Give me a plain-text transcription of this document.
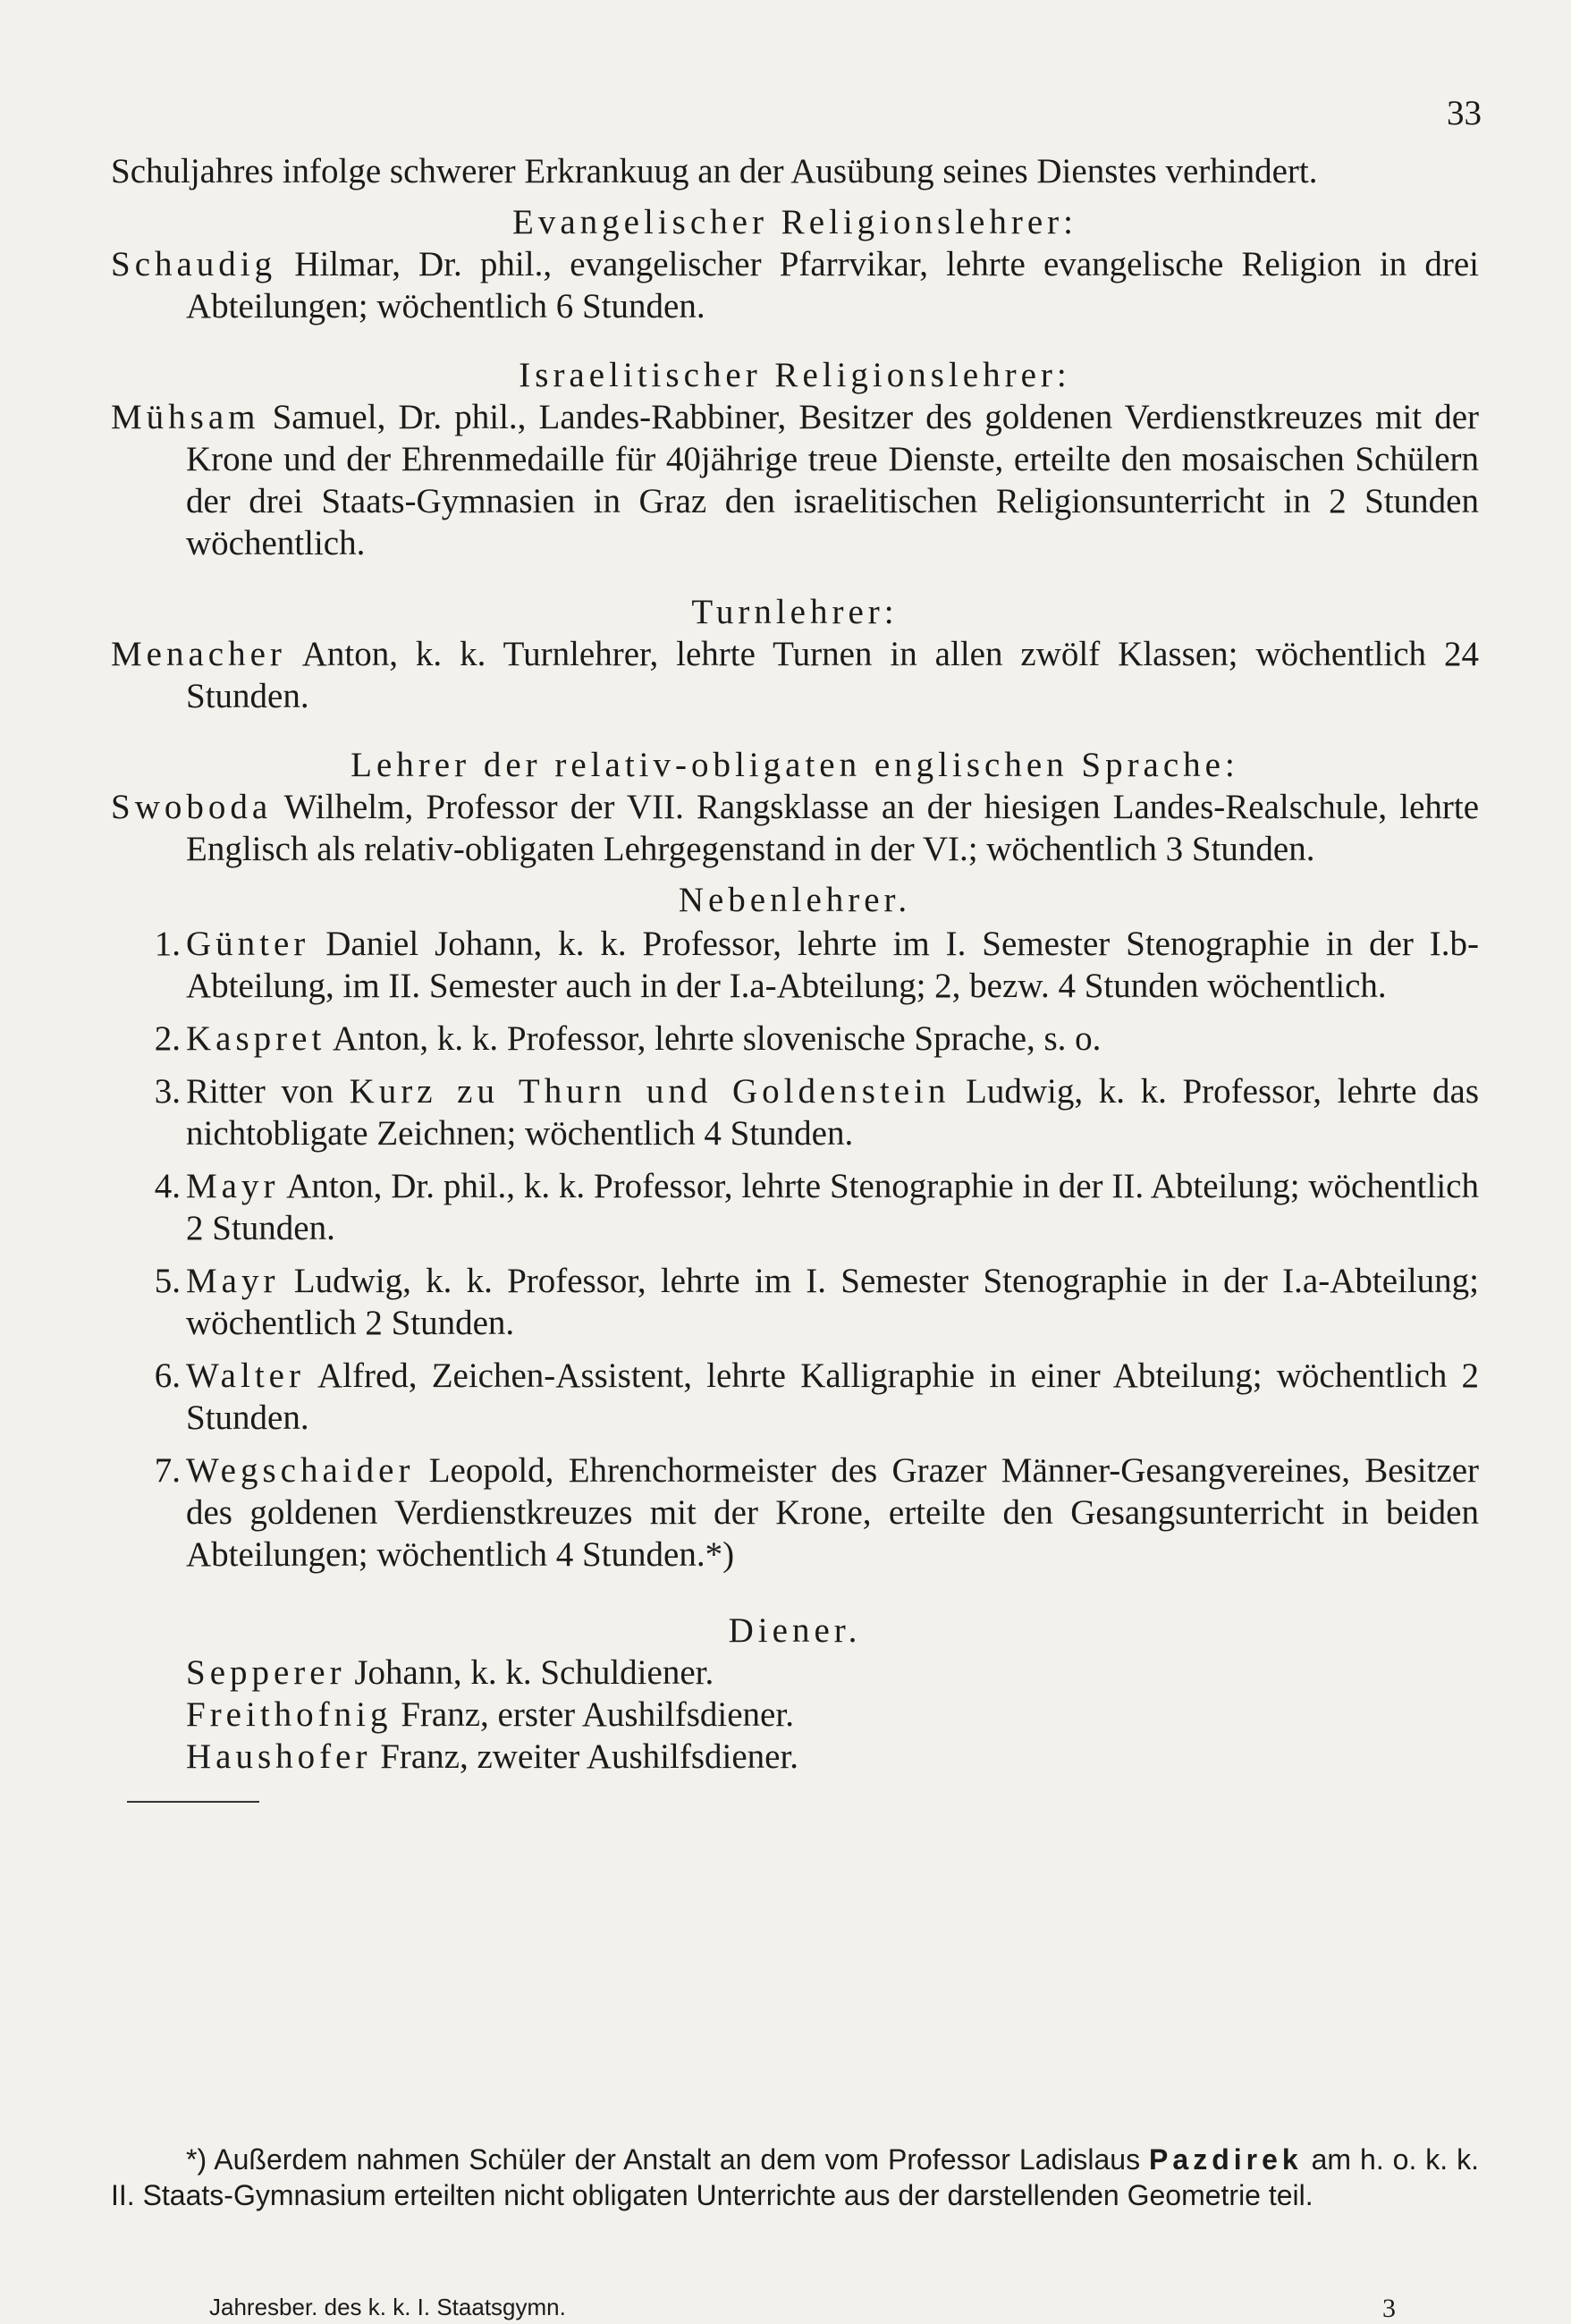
33

Schuljahres infolge schwerer Erkrankuug an der Ausübung seines Dienstes verhindert.

Evangelischer Religionslehrer:

Schaudig Hilmar, Dr. phil., evangelischer Pfarrvikar, lehrte evangelische Religion in drei Abteilungen; wöchentlich 6 Stunden.

Israelitischer Religionslehrer:

Mühsam Samuel, Dr. phil., Landes-Rabbiner, Besitzer des goldenen Verdienstkreuzes mit der Krone und der Ehrenmedaille für 40jährige treue Dienste, erteilte den mosaischen Schülern der drei Staats-Gymnasien in Graz den israelitischen Religionsunterricht in 2 Stunden wöchentlich.

Turnlehrer:

Menacher Anton, k. k. Turnlehrer, lehrte Turnen in allen zwölf Klassen; wöchentlich 24 Stunden.

Lehrer der relativ-obligaten englischen Sprache:

Swoboda Wilhelm, Professor der VII. Rangsklasse an der hiesigen Landes-Realschule, lehrte Englisch als relativ-obligaten Lehrgegenstand in der VI.; wöchentlich 3 Stunden.

Nebenlehrer.
1. Günter Daniel Johann, k. k. Professor, lehrte im I. Semester Stenographie in der I.b-Abteilung, im II. Semester auch in der I.a-Abteilung; 2, bezw. 4 Stunden wöchentlich.
2. Kaspret Anton, k. k. Professor, lehrte slovenische Sprache, s. o.
3. Ritter von Kurz zu Thurn und Goldenstein Ludwig, k. k. Professor, lehrte das nichtobligate Zeichnen; wöchentlich 4 Stunden.
4. Mayr Anton, Dr. phil., k. k. Professor, lehrte Stenographie in der II. Abteilung; wöchentlich 2 Stunden.
5. Mayr Ludwig, k. k. Professor, lehrte im I. Semester Stenographie in der I.a-Abteilung; wöchentlich 2 Stunden.
6. Walter Alfred, Zeichen-Assistent, lehrte Kalligraphie in einer Abteilung; wöchentlich 2 Stunden.
7. Wegschaider Leopold, Ehrenchormeister des Grazer Männer-Gesangvereines, Besitzer des goldenen Verdienstkreuzes mit der Krone, erteilte den Gesangsunterricht in beiden Abteilungen; wöchentlich 4 Stunden.*)
Diener.
Sepperer Johann, k. k. Schuldiener.
Freithofnig Franz, erster Aushilfsdiener.
Haushofer Franz, zweiter Aushilfsdiener.

*) Außerdem nahmen Schüler der Anstalt an dem vom Professor Ladislaus Pazdirek am h. o. k. k. II. Staats-Gymnasium erteilten nicht obligaten Unterrichte aus der darstellenden Geometrie teil.

Jahresber. des k. k. I. Staatsgymn.	3
